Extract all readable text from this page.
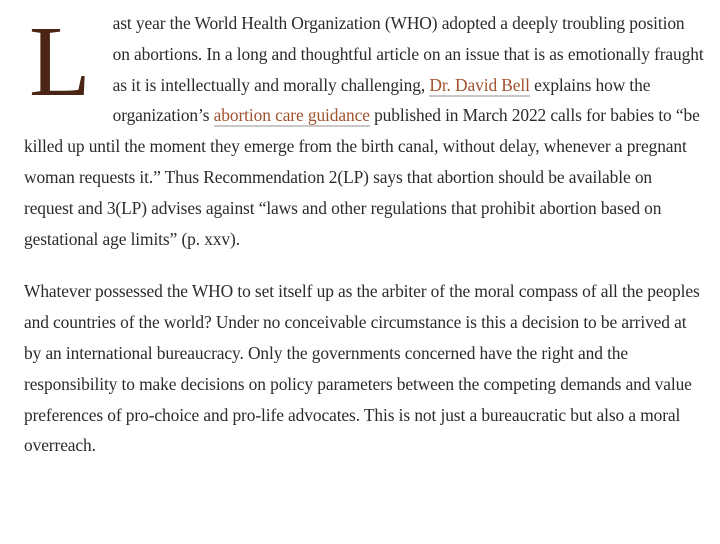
L ast year the World Health Organization (WHO) adopted a deeply troubling position on abortions. In a long and thoughtful article on an issue that is as emotionally fraught as it is intellectually and morally challenging, Dr. David Bell explains how the organization’s abortion care guidance published in March 2022 calls for babies to “be killed up until the moment they emerge from the birth canal, without delay, whenever a pregnant woman requests it.” Thus Recommendation 2(LP) says that abortion should be available on request and 3(LP) advises against “laws and other regulations that prohibit abortion based on gestational age limits” (p. xxv).

Whatever possessed the WHO to set itself up as the arbiter of the moral compass of all the peoples and countries of the world? Under no conceivable circumstance is this a decision to be arrived at by an international bureaucracy. Only the governments concerned have the right and the responsibility to make decisions on policy parameters between the competing demands and value preferences of pro-choice and pro-life advocates. This is not just a bureaucratic but also a moral overreach.
